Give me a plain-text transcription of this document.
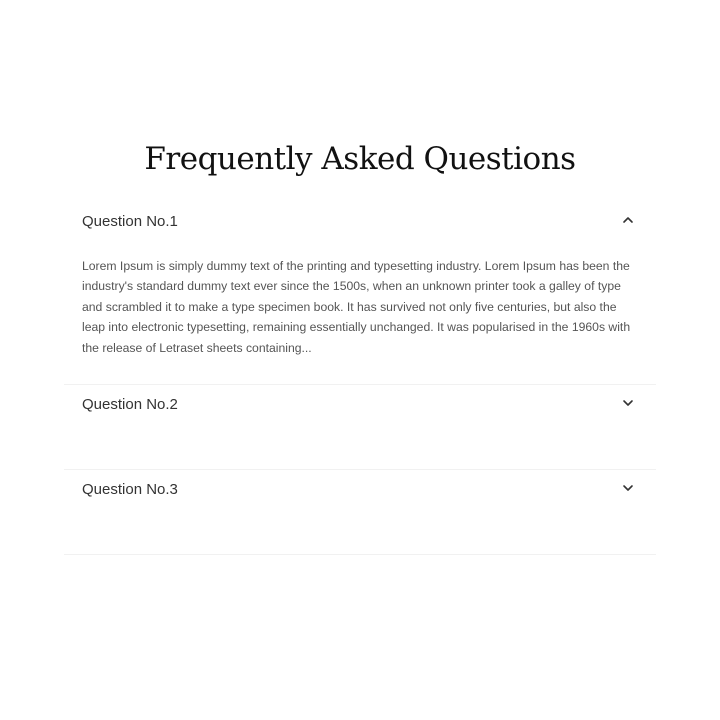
Frequently Asked Questions
Question No.1
Lorem Ipsum is simply dummy text of the printing and typesetting industry. Lorem Ipsum has been the industry's standard dummy text ever since the 1500s, when an unknown printer took a galley of type and scrambled it to make a type specimen book. It has survived not only five centuries, but also the leap into electronic typesetting, remaining essentially unchanged. It was popularised in the 1960s with the release of Letraset sheets containing...
Question No.2
Question No.3
